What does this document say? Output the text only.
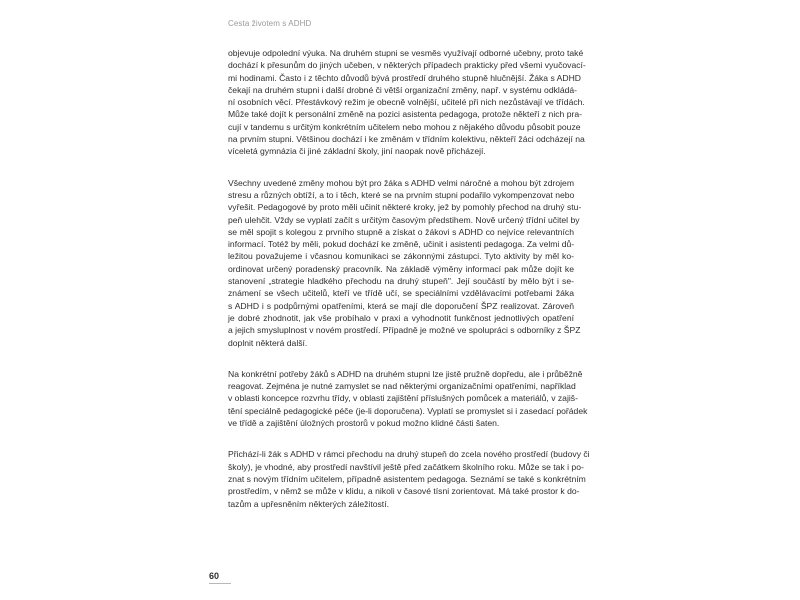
Cesta životem s ADHD

objevuje odpolední výuka. Na druhém stupni se vesměs využívají odborné učebny, proto také
dochází k přesunům do jiných učeben, v některých případech prakticky před všemi vyučovací-
mi hodinami. Často i z těchto důvodů bývá prostředí druhého stupně hlučnější. Žáka s ADHD
čekají na druhém stupni i další drobné či větší organizační změny, např. v systému odkládá-
ní osobních věcí. Přestávkový režim je obecně volnější, učitelé při nich nezůstávají ve třídách.
Může také dojít k personální změně na pozici asistenta pedagoga, protože někteří z nich pra-
cují v tandemu s určitým konkrétním učitelem nebo mohou z nějakého důvodu působit pouze
na prvním stupni. Většinou dochází i ke změnám v třídním kolektivu, někteří žáci odcházejí na
víceletá gymnázia či jiné základní školy, jiní naopak nově přicházejí.

Všechny uvedené změny mohou být pro žáka s ADHD velmi náročné a mohou být zdrojem
stresu a různých obtíží, a to i těch, které se na prvním stupni podařilo vykompenzovat nebo
vyřešit. Pedagogové by proto měli učinit některé kroky, jež by pomohly přechod na druhý stu-
peň ulehčit. Vždy se vyplatí začít s určitým časovým předstihem. Nově určený třídní učitel by
se měl spojit s kolegou z prvního stupně a získat o žákovi s ADHD co nejvíce relevantních
informací. Totéž by měli, pokud dochází ke změně, učinit i asistenti pedagoga. Za velmi dů-
ležitou považujeme i včasnou komunikaci se zákonnými zástupci. Tyto aktivity by měl ko-
ordinovat určený poradenský pracovník. Na základě výměny informací pak může dojít ke
stanovení „strategie hladkého přechodu na druhý stupeň". Její součástí by mělo být i se-
známení se všech učitelů, kteří ve třídě učí, se speciálními vzdělávacími potřebami žáka
s ADHD i s podpůrnými opatřeními, která se mají dle doporučení ŠPZ realizovat. Zároveň
je dobré zhodnotit, jak vše probíhalo v praxi a vyhodnotit funkčnost jednotlivých opatření
a jejich smysluplnost v novém prostředí. Případně je možné ve spolupráci s odborníky z ŠPZ
doplnit některá další.

Na konkrétní potřeby žáků s ADHD na druhém stupni lze jistě pružně dopředu, ale i průběžně
reagovat. Zejména je nutné zamyslet se nad některými organizačními opatřeními, například
v oblasti koncepce rozvrhu třídy, v oblasti zajištění příslušných pomůcek a materiálů, v zajiš-
tění speciálně pedagogické péče (je-li doporučena). Vyplatí se promyslet si i zasedací pořádek
ve třídě a zajištění úložných prostorů v pokud možno klidné části šaten.

Přichází-li žák s ADHD v rámci přechodu na druhý stupeň do zcela nového prostředí (budovy či
školy), je vhodné, aby prostředí navštívil ještě před začátkem školního roku. Může se tak i po-
znat s novým třídním učitelem, případně asistentem pedagoga. Seznámí se také s konkrétním
prostředím, v němž se může v klidu, a nikoli v časové tísni zorientovat. Má také prostor k do-
tazům a upřesněním některých záležitostí.

60
